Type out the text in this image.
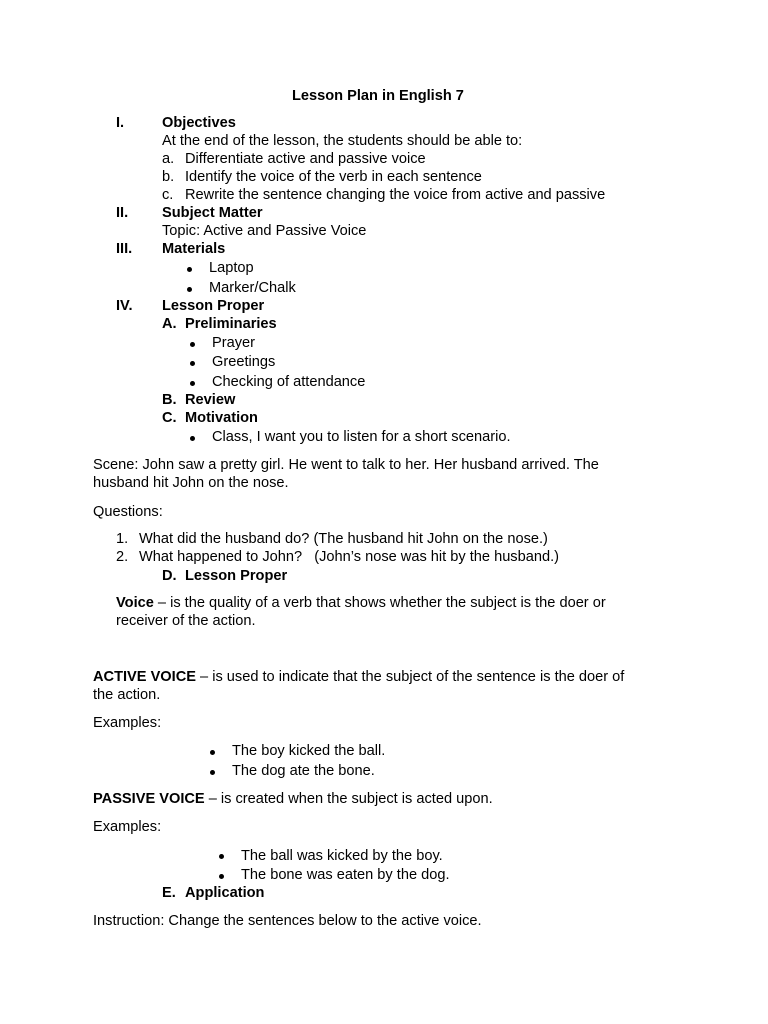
Lesson Plan in English 7
I.	Objectives
At the end of the lesson, the students should be able to:
a. Differentiate active and passive voice
b. Identify the voice of the verb in each sentence
c. Rewrite the sentence changing the voice from active and passive
II. Subject Matter
Topic: Active and Passive Voice
III. Materials
Laptop
Marker/Chalk
IV. Lesson Proper
A. Preliminaries
Prayer
Greetings
Checking of attendance
B. Review
C. Motivation
Class, I want you to listen for a short scenario.
Scene: John saw a pretty girl. He went to talk to her. Her husband arrived. The
husband hit John on the nose.
Questions:
1. What did the husband do? (The husband hit John on the nose.)
2. What happened to John?   (John’s nose was hit by the husband.)
D. Lesson Proper
Voice – is the quality of a verb that shows whether the subject is the doer or
receiver of the action.
ACTIVE VOICE – is used to indicate that the subject of the sentence is the doer of
the action.
Examples:
The boy kicked the ball.
The dog ate the bone.
PASSIVE VOICE – is created when the subject is acted upon.
Examples:
The ball was kicked by the boy.
The bone was eaten by the dog.
E. Application
Instruction: Change the sentences below to the active voice.
